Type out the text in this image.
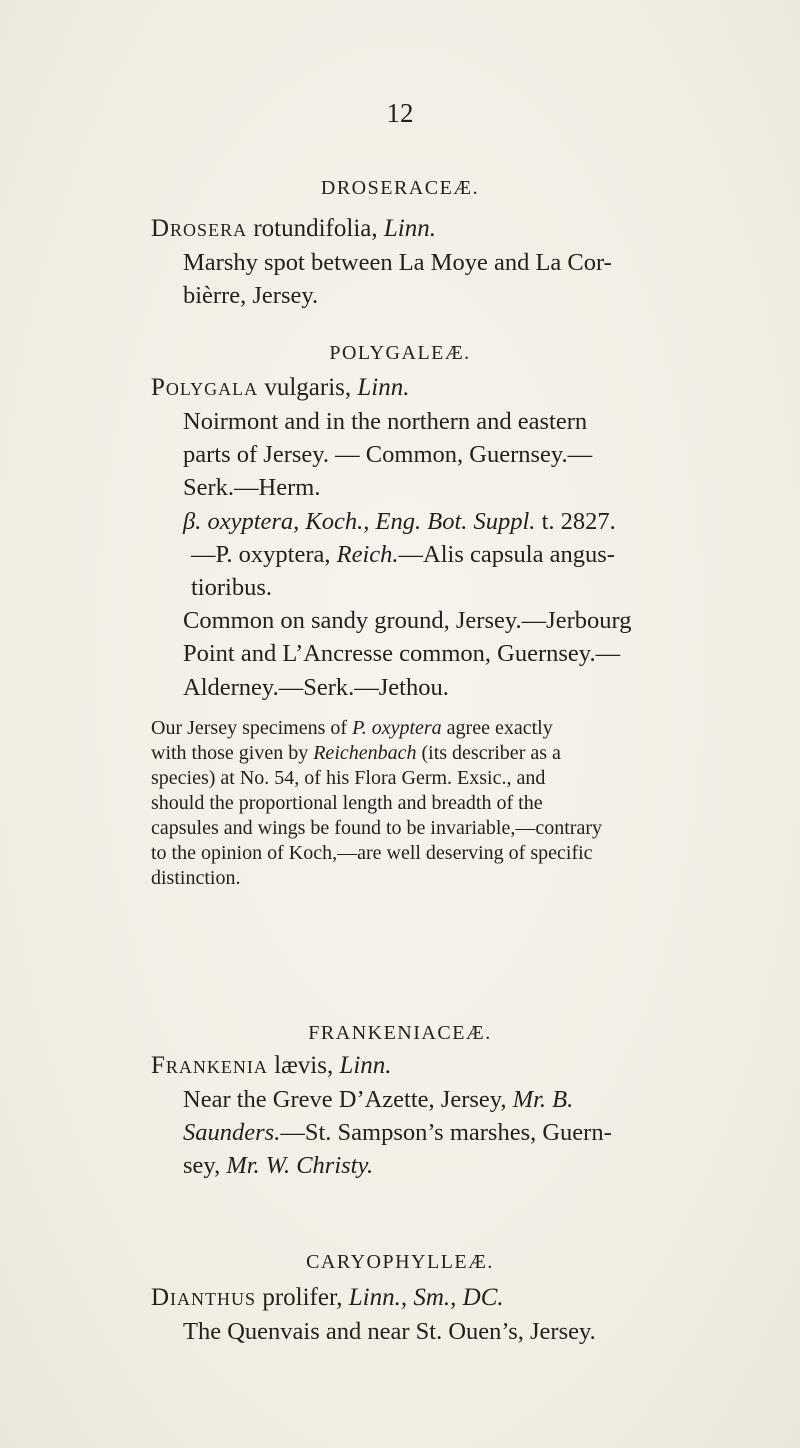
12
DROSERACEÆ.
Drosera rotundifolia, Linn.
Marshy spot between La Moye and La Cor-
bièrre, Jersey.
POLYGALEÆ.
Polygala vulgaris, Linn.
Noirmont and in the northern and eastern
parts of Jersey. — Common, Guernsey.—
Serk.—Herm.
β. oxyptera, Koch., Eng. Bot. Suppl. t. 2827.
—P. oxyptera, Reich.—Alis capsula angus-
tioribus.
Common on sandy ground, Jersey.—Jerbourg
Point and L’Ancresse common, Guernsey.—
Alderney.—Serk.—Jethou.
Our Jersey specimens of P. oxyptera agree exactly
with those given by Reichenbach (its describer as a
species) at No. 54, of his Flora Germ. Exsic., and
should the proportional length and breadth of the
capsules and wings be found to be invariable,—contrary
to the opinion of Koch,—are well deserving of specific
distinction.
FRANKENIACEÆ.
Frankenia lævis, Linn.
Near the Greve D’Azette, Jersey, Mr. B.
Saunders.—St. Sampson’s marshes, Guern-
sey, Mr. W. Christy.
CARYOPHYLLEÆ.
Dianthus prolifer, Linn., Sm., DC.
The Quenvais and near St. Ouen’s, Jersey.
